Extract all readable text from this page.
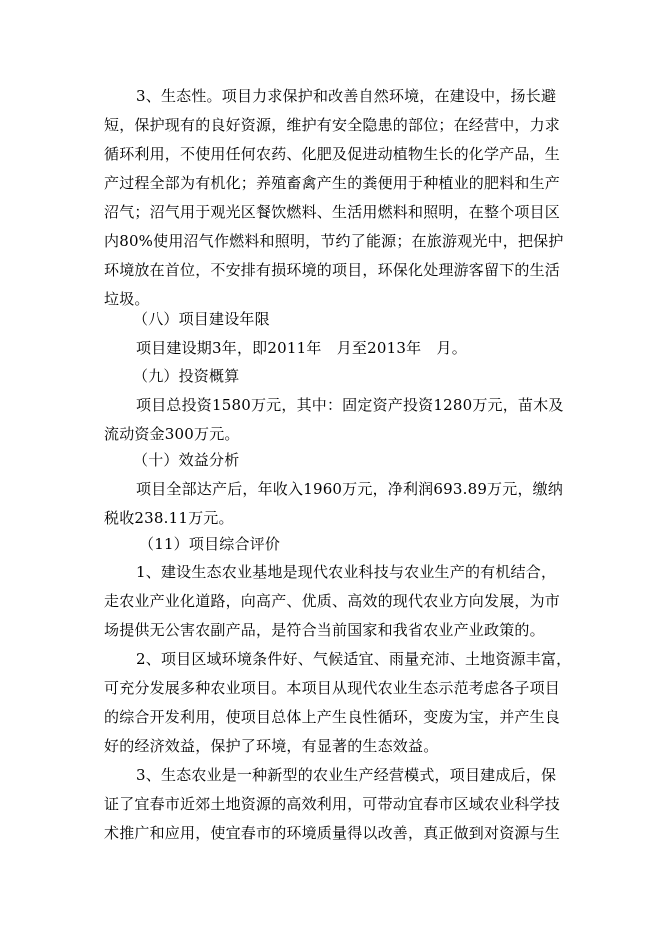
3、生态性。项目力求保护和改善自然环境，在建设中，扬长避
短，保护现有的良好资源，维护有安全隐患的部位；在经营中，力求
循环利用，不使用任何农药、化肥及促进动植物生长的化学产品，生
产过程全部为有机化；养殖畜禽产生的粪便用于种植业的肥料和生产
沼气；沼气用于观光区餐饮燃料、生活用燃料和照明，在整个项目区
内80%使用沼气作燃料和照明，节约了能源；在旅游观光中，把保护
环境放在首位，不安排有损环境的项目，环保化处理游客留下的生活
垃圾。
（八）项目建设年限
项目建设期3年，即2011年　月至2013年　月。
（九）投资概算
项目总投资1580万元，其中：固定资产投资1280万元，苗木及
流动资金300万元。
（十）效益分析
项目全部达产后，年收入1960万元，净利润693.89万元，缴纳
税收238.11万元。
（11）项目综合评价
1、建设生态农业基地是现代农业科技与农业生产的有机结合，
走农业产业化道路，向高产、优质、高效的现代农业方向发展，为市
场提供无公害农副产品，是符合当前国家和我省农业产业政策的。
2、项目区域环境条件好、气候适宜、雨量充沛、土地资源丰富，
可充分发展多种农业项目。本项目从现代农业生态示范考虑各子项目
的综合开发利用，使项目总体上产生良性循环，变废为宝，并产生良
好的经济效益，保护了环境，有显著的生态效益。
3、生态农业是一种新型的农业生产经营模式，项目建成后，保
证了宜春市近郊土地资源的高效利用，可带动宜春市区域农业科学技
术推广和应用，使宜春市的环境质量得以改善，真正做到对资源与生
